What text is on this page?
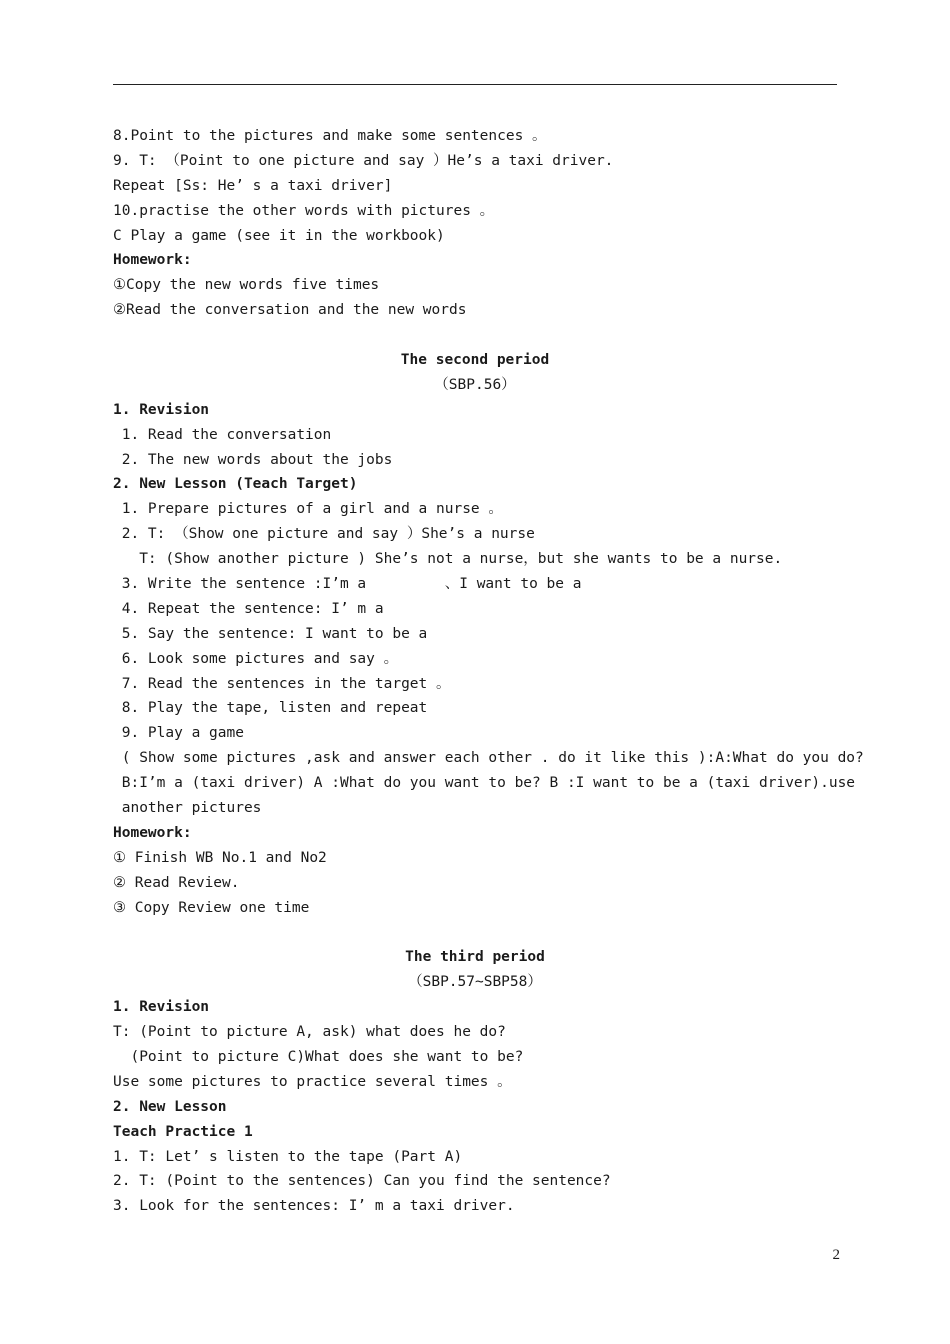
8.Point to the pictures and make some sentences 。
9. T: （Point to one picture and say ）He’s a taxi driver.
Repeat [Ss: He’ s a taxi driver]
10.practise the other words with pictures 。
C Play a game (see it in the workbook)
Homework:
①Copy the new words five times
②Read the conversation and the new words
The second period
（SBP.56）
1. Revision
1. Read the conversation
2. The new words about the jobs
2. New Lesson (Teach Target)
1. Prepare pictures of a girl and a nurse 。
2. T: （Show one picture and say ）She’s a nurse
T: (Show another picture ) She’s not a nurse，but she wants to be a nurse.
3. Write the sentence :I’m a         、I want to be a
4. Repeat the sentence: I’ m a
5. Say the sentence: I want to be a
6. Look some pictures and say 。
7. Read the sentences in the target 。
8. Play the tape, listen and repeat
9. Play a game
( Show some pictures ,ask and answer each other . do it like this ):A:What do you do?
B:I’m a (taxi driver) A :What do you want to be? B :I want to be a (taxi driver).use
another pictures
Homework:
① Finish WB No.1 and No2
② Read Review.
③ Copy Review one time
The third period
（SBP.57~SBP58）
1. Revision
T: (Point to picture A, ask) what does he do?
(Point to picture C)What does she want to be?
Use some pictures to practice several times 。
2. New Lesson
Teach Practice 1
1. T: Let’ s listen to the tape (Part A)
2. T: (Point to the sentences) Can you find the sentence?
3. Look for the sentences: I’ m a taxi driver.
2
